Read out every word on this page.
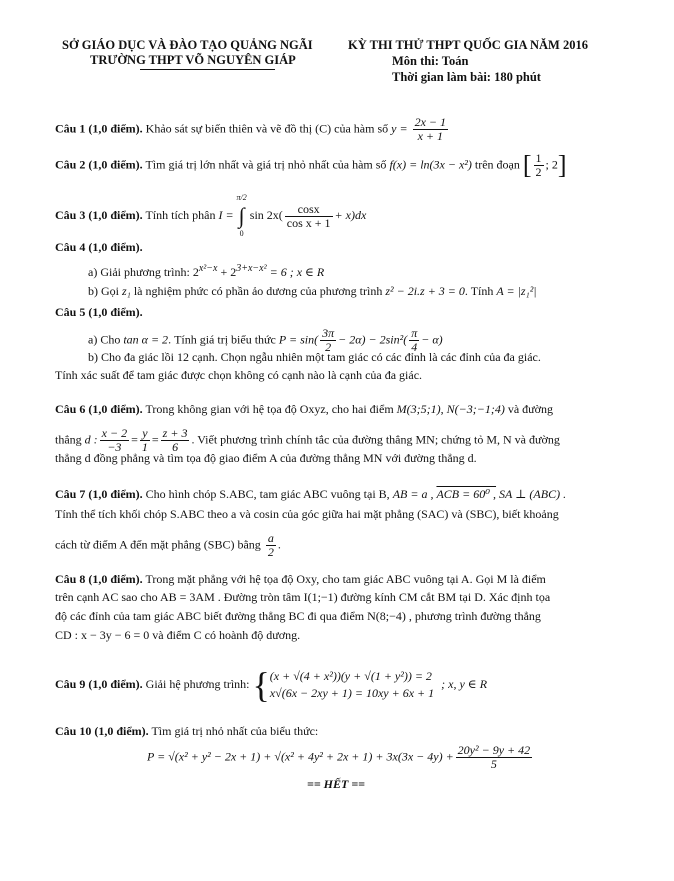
SỞ GIÁO DỤC VÀ ĐÀO TẠO QUẢNG NGÃI
TRƯỜNG THPT VÕ NGUYÊN GIÁP
KỲ THI THỬ THPT QUỐC GIA NĂM 2016
Môn thi: Toán
Thời gian làm bài: 180 phút
Câu 1 (1,0 điểm). Khảo sát sự biến thiên và vẽ đồ thị (C) của hàm số $y = \frac{2x - 1}{x + 1}$
Câu 2 (1,0 điểm). Tìm giá trị lớn nhất và giá trị nhỏ nhất của hàm số f(x) = ln(3x − x²) trên đoạn [ $\frac{1}{2}$ ; 2]
Câu 3 (1,0 điểm). Tính tích phân I =
π/2
∫
0
$\sin 2x( \frac{\cos x}{\text{cos x + 1}} + x)dx$
Câu 4 (1,0 điểm).
a) Giải phương trình: $2^{x^2-x} + 2^{3+x-x^2} = 6$ ; x ∈ R
b) Gọi z₁ là nghiệm phức có phần ảo dương của phương trình z² − 2i.z + 3 = 0. Tính A = |z₁²|
Câu 5 (1,0 điểm).
a) Cho tan α = 2. Tính giá trị biểu thức $P = \sin( \frac{3\pi}{2} - 2\alpha) - 2\sin^2( \frac{\pi}{4} - \alpha)$
b) Cho đa giác lồi 12 cạnh. Chọn ngẫu nhiên một tam giác có các đỉnh là các đỉnh của đa giác.
Tính xác suất để tam giác được chọn không có cạnh nào là cạnh của đa giác.
Câu 6 (1,0 điểm). Trong không gian với hệ tọa độ Oxyz, cho hai điểm M(3;5;1), N(−3;−1;4) và đường
thẳng d : $\frac{x - 2}{-3} = \frac{y}{1} = \frac{z + 3}{6}$ . Viết phương trình chính tắc của đường thẳng MN; chứng tỏ M, N và đường
thẳng d đồng phẳng và tìm tọa độ giao điểm A của đường thẳng MN với đường thẳng d.
Câu 7 (1,0 điểm). Cho hình chóp S.ABC, tam giác ABC vuông tại B, AB = a , ACB = 60⁰ , SA ⊥ (ABC) .
Tính thể tích khối chóp S.ABC theo a và cosin của góc giữa hai mặt phẳng (SAC) và (SBC), biết khoảng
cách từ điểm A đến mặt phẳng (SBC) bằng $\frac{a}{2}$ .
Câu 8 (1,0 điểm). Trong mặt phẳng với hệ tọa độ Oxy, cho tam giác ABC vuông tại A. Gọi M là điểm
trên cạnh AC sao cho AB = 3AM . Đường tròn tâm I(1;−1) đường kính CM cắt BM tại D. Xác định tọa
độ các đỉnh của tam giác ABC biết đường thẳng BC đi qua điểm N(8;−4) , phương trình đường thẳng
CD : x − 3y − 6 = 0 và điểm C có hoành độ dương.
Câu 9 (1,0 điểm). Giải hệ phương trình: { (x + √(4 + x²))(y + √(1 + y²)) = 2
x√(6x − 2xy + 1) = 10xy + 6x + 1
; x, y ∈ R
Câu 10 (1,0 điểm). Tìm giá trị nhỏ nhất của biểu thức:
$P = √(x^2 + y^2 - 2x + 1) + √(x^2 + 4y^2 + 2x + 1) + 3x(3x - 4y) + \frac{\text{20y² − 9y + 42}}{5}$
== HẾT ==
